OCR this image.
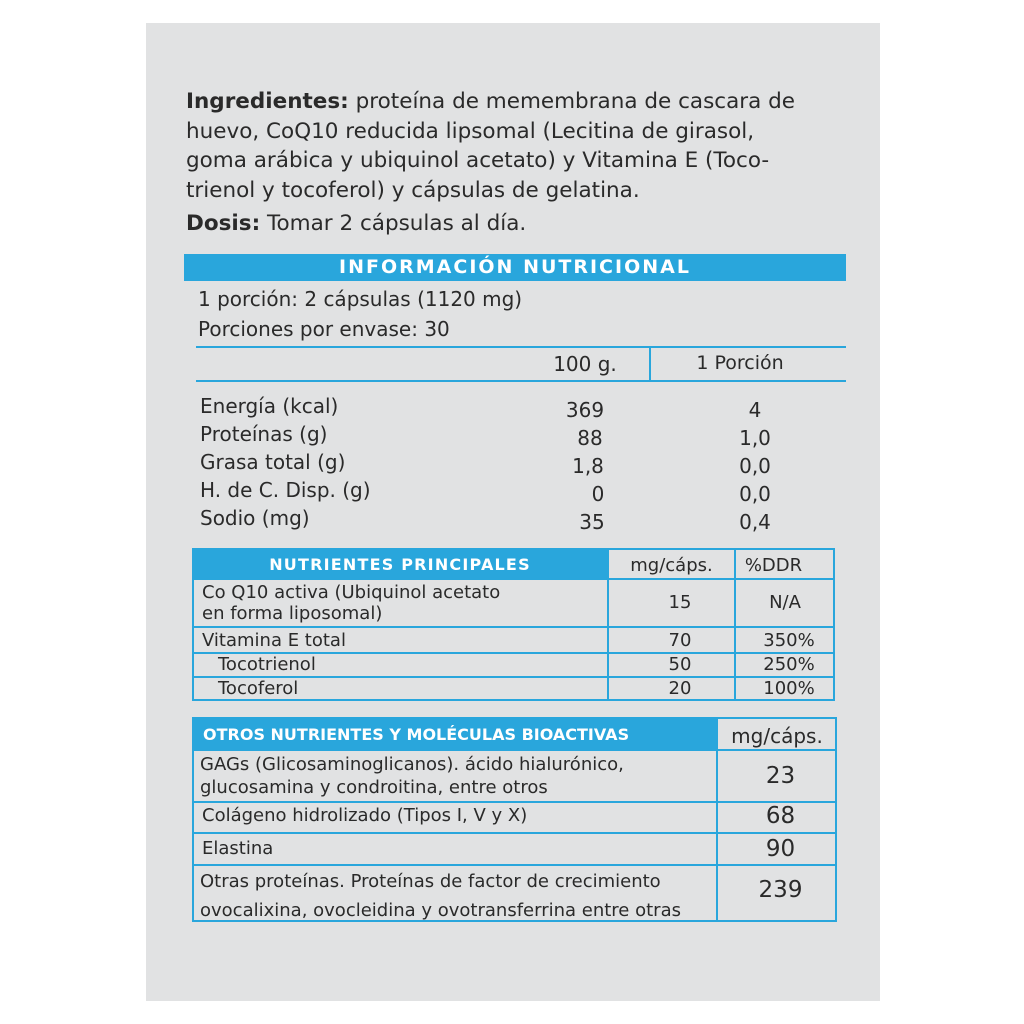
Ingredientes: proteína de memembrana de cascara de
huevo, CoQ10 reducida lipsomal (Lecitina de girasol,
goma arábica y ubiquinol acetato) y Vitamina E (Toco-
trienol y tocoferol) y cápsulas de gelatina.
Dosis: Tomar 2 cápsulas al día.
INFORMACIÓN NUTRICIONAL
1 porción: 2 cápsulas (1120 mg)
Porciones por envase: 30
100 g.	1 Porción
Energía (kcal)	369	4
Proteínas (g)	88	1,0
Grasa total (g)	1,8	0,0
H. de C. Disp. (g)	0	0,0
Sodio (mg)	35	0,4
NUTRIENTES PRINCIPALES	mg/cáps.	%DDR
Co Q10 activa (Ubiquinol acetato
en forma liposomal)
15	N/A
Vitamina E total	70	350%
Tocotrienol	50	250%
Tocoferol	20	100%
OTROS NUTRIENTES Y MOLÉCULAS BIOACTIVAS	mg/cáps.
GAGs (Glicosaminoglicanos). ácido hialurónico,
glucosamina y condroitina, entre otros	23
Colágeno hidrolizado (Tipos I, V y X)	68
Elastina	90
Otras proteínas. Proteínas de factor de crecimiento
ovocalixina, ovocleidina y ovotransferrina entre otras
239
